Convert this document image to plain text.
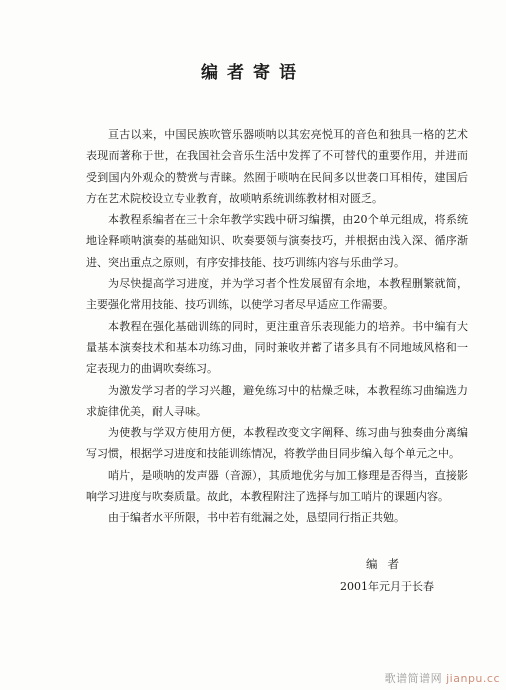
编者寄语

亘古以来，中国民族吹管乐器唢呐以其宏亮悦耳的音色和独具一格的艺术表现而著称于世，在我国社会音乐生活中发挥了不可替代的重要作用，并进而受到国内外观众的赞赏与青睐。然囿于唢呐在民间多以世袭口耳相传，建国后方在艺术院校设立专业教育，故唢呐系统训练教材相对匮乏。

本教程系编者在三十余年教学实践中研习编撰，由20个单元组成，将系统地诠释唢呐演奏的基础知识、吹奏要领与演奏技巧，并根据由浅入深、循序渐进、突出重点之原则，有序安排技能、技巧训练内容与乐曲学习。

为尽快提高学习进度，并为学习者个性发展留有余地，本教程删繁就简，主要强化常用技能、技巧训练，以使学习者尽早适应工作需要。

本教程在强化基础训练的同时，更注重音乐表现能力的培养。书中编有大量基本演奏技术和基本功练习曲，同时兼收并蓄了诸多具有不同地域风格和一定表现力的曲调吹奏练习。

为激发学习者的学习兴趣，避免练习中的枯燥乏味，本教程练习曲编选力求旋律优美，耐人寻味。

为使教与学双方使用方便，本教程改变文字阐释、练习曲与独奏曲分离编写习惯，根据学习进度和技能训练情况，将教学曲目同步编入每个单元之中。

哨片，是唢呐的发声器（音源），其质地优劣与加工修理是否得当，直接影响学习进度与吹奏质量。故此，本教程附注了选择与加工哨片的课题内容。

由于编者水平所限，书中若有纰漏之处，恳望同行指正共勉。

编者
2001年元月于长春
歌谱简谱网 jianpu.cc
